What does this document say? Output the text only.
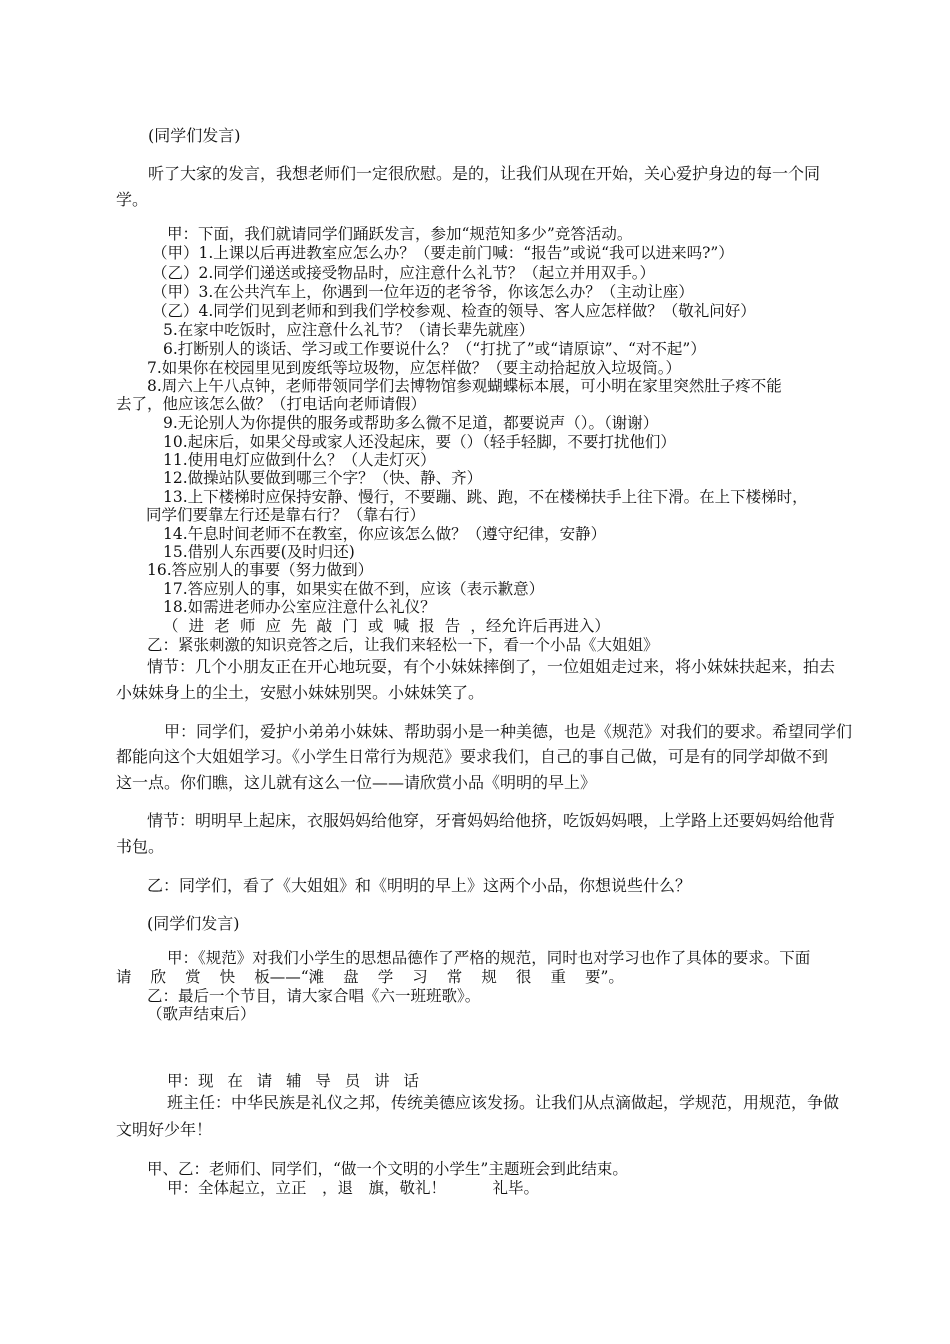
(同学们发言)
听了大家的发言，我想老师们一定很欣慰。是的，让我们从现在开始，关心爱护身边的每一个同
学。
甲：下面，我们就请同学们踊跃发言，参加“规范知多少”竞答活动。
（甲）1.上课以后再进教室应怎么办？（要走前门喊：“报告”或说“我可以进来吗?”）
（乙）2.同学们递送或接受物品时，应注意什么礼节？（起立并用双手。）
（甲）3.在公共汽车上，你遇到一位年迈的老爷爷，你该怎么办？（主动让座）
（乙）4.同学们见到老师和到我们学校参观、检查的领导、客人应怎样做？（敬礼问好）
5.在家中吃饭时，应注意什么礼节？（请长辈先就座）
6.打断别人的谈话、学习或工作要说什么？（“打扰了”或“请原谅”、“对不起”）
7.如果你在校园里见到废纸等垃圾物，应怎样做？（要主动拾起放入垃圾筒。）
8.周六上午八点钟，老师带领同学们去博物馆参观蝴蝶标本展，可小明在家里突然肚子疼不能
去了，他应该怎么做？（打电话向老师请假）
9.无论别人为你提供的服务或帮助多么微不足道，都要说声（）。（谢谢）
10.起床后，如果父母或家人还没起床，要（）（轻手轻脚，不要打扰他们）
11.使用电灯应做到什么？（人走灯灭）
12.做操站队要做到哪三个字？（快、静、齐）
13.上下楼梯时应保持安静、慢行，不要蹦、跳、跑，不在楼梯扶手上往下滑。在上下楼梯时，
同学们要靠左行还是靠右行？（靠右行）
14.午息时间老师不在教室，你应该怎么做？（遵守纪律，安静）
15.借别人东西要(及时归还)
16.答应别人的事要（努力做到）
17.答应别人的事，如果实在做不到，应该（表示歉意）
18.如需进老师办公室应注意什么礼仪？
（ 进 老 师 应 先 敲 门 或 喊 报 告 ，经允许后再进入）
乙：紧张刺激的知识竞答之后，让我们来轻松一下，看一个小品《大姐姐》
情节：几个小朋友正在开心地玩耍，有个小妹妹摔倒了，一位姐姐走过来，将小妹妹扶起来，拍去
小妹妹身上的尘土，安慰小妹妹别哭。小妹妹笑了。
甲：同学们，爱护小弟弟小妹妹、帮助弱小是一种美德，也是《规范》对我们的要求。希望同学们
都能向这个大姐姐学习。《小学生日常行为规范》要求我们，自己的事自己做，可是有的同学却做不到
这一点。你们瞧，这儿就有这么一位——请欣赏小品《明明的早上》
情节：明明早上起床，衣服妈妈给他穿，牙膏妈妈给他挤，吃饭妈妈喂，上学路上还要妈妈给他背
书包。
乙：同学们，看了《大姐姐》和《明明的早上》这两个小品，你想说些什么？
(同学们发言)
甲：《规范》对我们小学生的思想品德作了严格的规范，同时也对学习也作了具体的要求。下面
请 欣 赏 快 板——“滩 盘 学 习 常 规 很 重 要”。
乙：最后一个节目，请大家合唱《六一班班歌》。
（歌声结束后）
甲：现 在 请 辅 导 员 讲 话
班主任：中华民族是礼仪之邦，传统美德应该发扬。让我们从点滴做起，学规范，用规范，争做
文明好少年！
甲、乙：老师们、同学们，“做一个文明的小学生”主题班会到此结束。
甲：全体起立，立正　，退　旗，敬礼！　　　礼毕。
